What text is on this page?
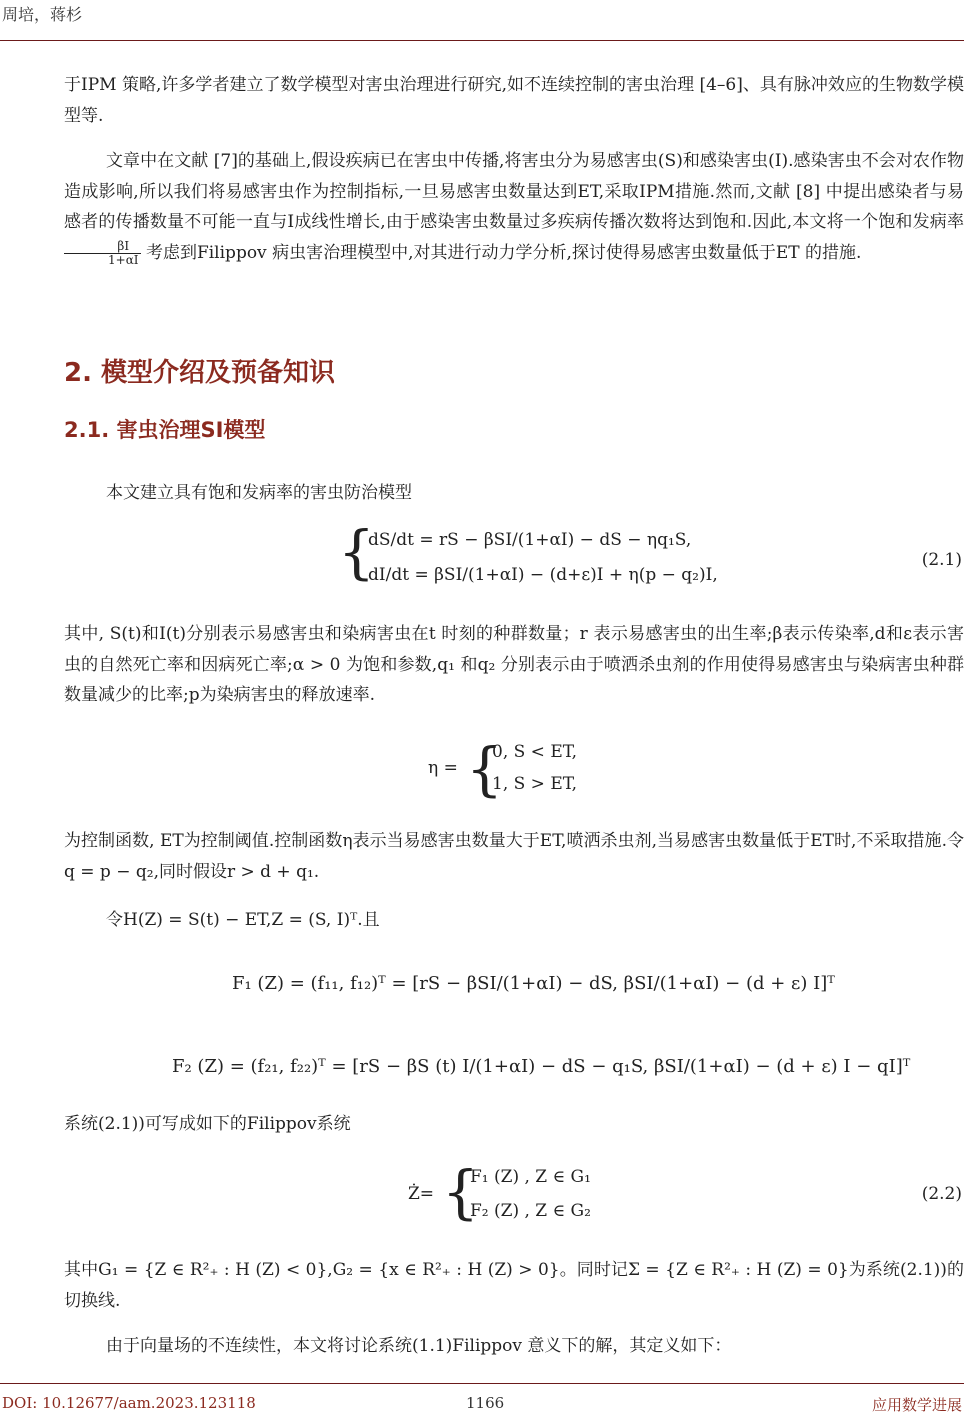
周培，蒋杉

于IPM 策略,许多学者建立了数学模型对害虫治理进行研究,如不连续控制的害虫治理 [4–6]、具有脉冲效应的生物数学模型等.

文章中在文献 [7]的基础上,假设疾病已在害虫中传播,将害虫分为易感害虫(S)和感染害虫(I).感染害虫不会对农作物造成影响,所以我们将易感害虫作为控制指标,一旦易感害虫数量达到ET,采取IPM措施.然而,文献 [8] 中提出感染者与易感者的传播数量不可能一直与I成线性增长,由于感染害虫数量过多疾病传播次数将达到饱和.因此,本文将一个饱和发病率
$\frac{\beta I}{1+\alpha I}$ 考虑到Filippov 病虫害治理模型中,对其进行动力学分析,探讨使得易感害虫数量低于ET 的措施.

2. 模型介绍及预备知识
2.1. 害虫治理SI模型
本文建立具有饱和发病率的害虫防治模型
{
dS/dt = rS − βSI/(1+αI) − dS − ηq₁S,
dI/dt = βSI/(1+αI) − (d+ε)I + η(p − q₂)I,
(2.1)

其中, S(t)和I(t)分别表示易感害虫和染病害虫在t 时刻的种群数量；r 表示易感害虫的出生率;β表示传染率,d和ε表示害虫的自然死亡率和因病死亡率;α > 0 为饱和参数,q₁ 和q₂ 分别表示由于喷洒杀虫剂的作用使得易感害虫与染病害虫种群数量减少的比率;p为染病害虫的释放速率.

η = {
0, S < ET,
1, S > ET,

为控制函数, ET为控制阈值.控制函数η表示当易感害虫数量大于ET,喷洒杀虫剂,当易感害虫数量低于ET时,不采取措施.令q = p − q₂,同时假设r > d + q₁.

令H(Z) = S(t) − ET,Z = (S, I)ᵀ.且
F₁ (Z) = (f₁₁, f₁₂)ᵀ = [rS − βSI/(1+αI) − dS, βSI/(1+αI) − (d + ε) I]ᵀ
F₂ (Z) = (f₂₁, f₂₂)ᵀ = [rS − βS (t) I/(1+αI) − dS − q₁S, βSI/(1+αI) − (d + ε) I − qI]ᵀ
系统(2.1))可写成如下的Filippov系统
Ż= {
F₁ (Z) , Z ∈ G₁
F₂ (Z) , Z ∈ G₂
(2.2)

其中G₁ = {Z ∈ R²₊ : H (Z) < 0},G₂ = {x ∈ R²₊ : H (Z) > 0}。同时记Σ = {Z ∈ R²₊ : H (Z) = 0}为系统(2.1))的切换线.

由于向量场的不连续性，本文将讨论系统(1.1)Filippov 意义下的解，其定义如下：
DOI: 10.12677/aam.2023.123118	1166	应用数学进展
